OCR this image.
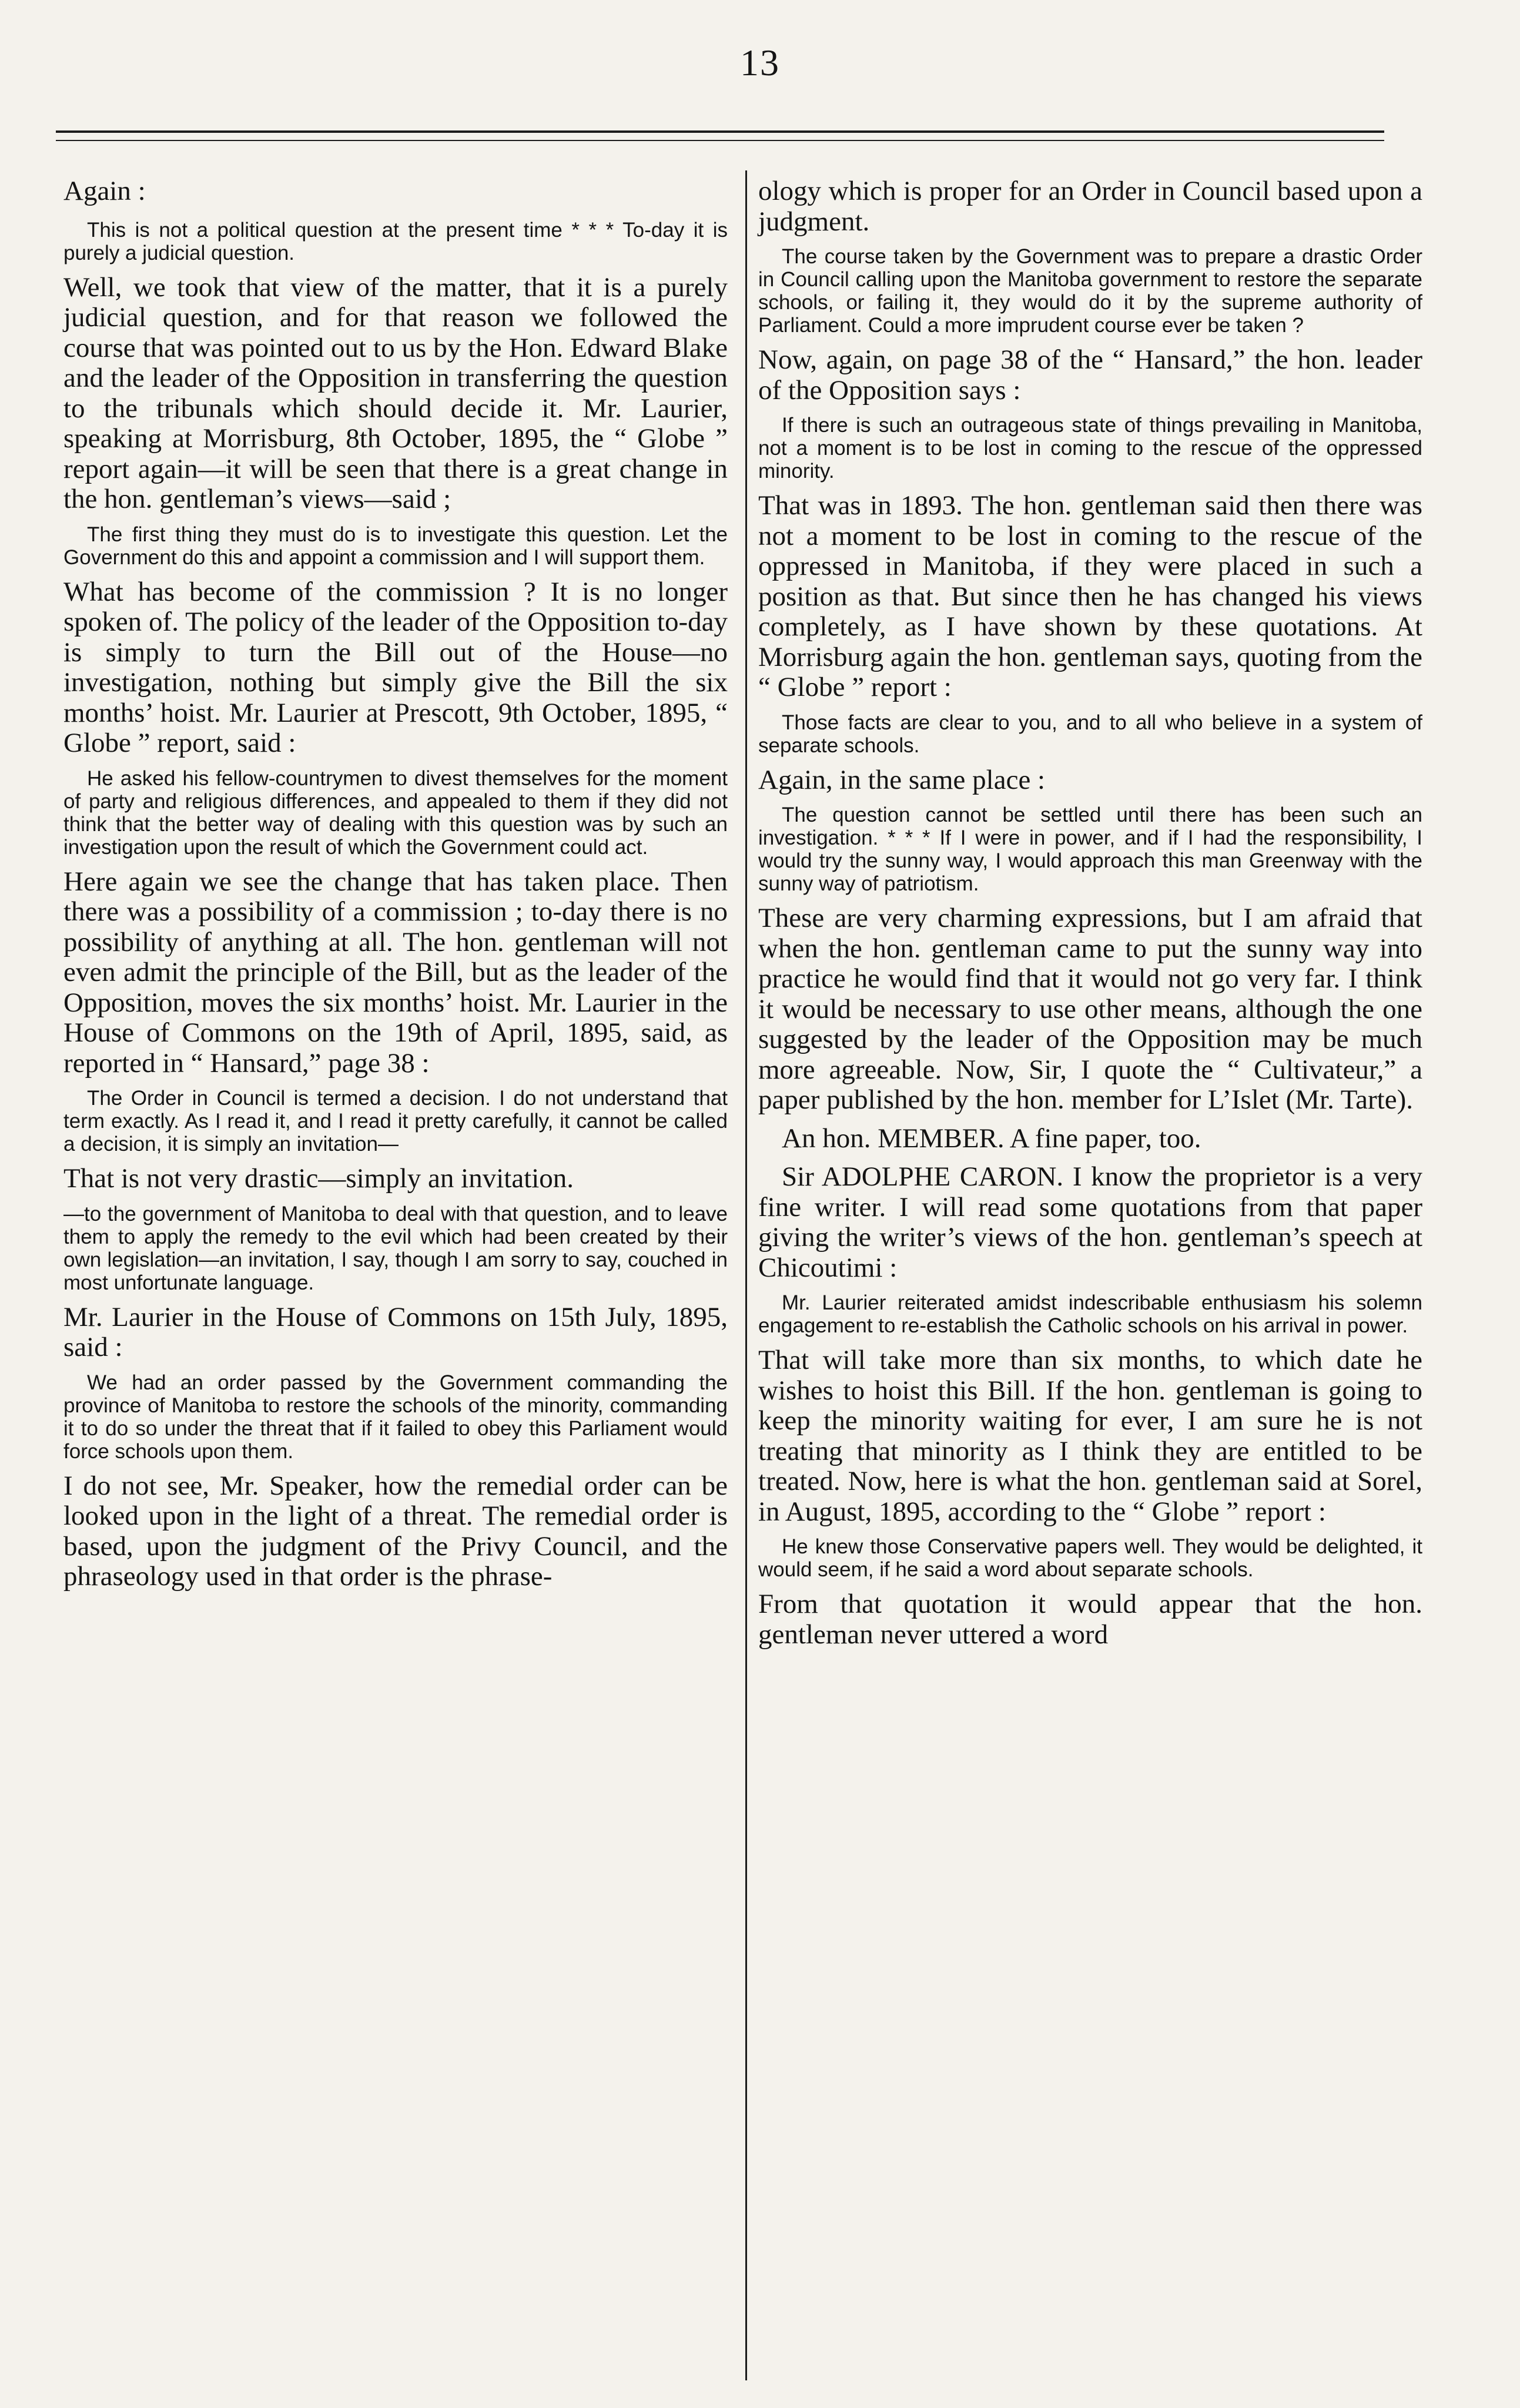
13

Again :

This is not a political question at the present time * * * To-day it is purely a judicial question.

Well, we took that view of the matter, that it is a purely judicial question, and for that reason we followed the course that was pointed out to us by the Hon. Edward Blake and the leader of the Opposition in transferring the question to the tribunals which should decide it. Mr. Laurier, speaking at Morrisburg, 8th October, 1895, the “ Globe ” report again—it will be seen that there is a great change in the hon. gentleman’s views—said ;

The first thing they must do is to investigate this question. Let the Government do this and appoint a commission and I will support them.

What has become of the commission ? It is no longer spoken of. The policy of the leader of the Opposition to-day is simply to turn the Bill out of the House—no investigation, nothing but simply give the Bill the six months’ hoist. Mr. Laurier at Prescott, 9th October, 1895, “ Globe ” report, said :

He asked his fellow-countrymen to divest themselves for the moment of party and religious differences, and appealed to them if they did not think that the better way of dealing with this question was by such an investigation upon the result of which the Government could act.

Here again we see the change that has taken place. Then there was a possibility of a commission ; to-day there is no possibility of anything at all. The hon. gentleman will not even admit the principle of the Bill, but as the leader of the Opposition, moves the six months’ hoist. Mr. Laurier in the House of Commons on the 19th of April, 1895, said, as reported in “ Hansard,” page 38 :

The Order in Council is termed a decision. I do not understand that term exactly. As I read it, and I read it pretty carefully, it cannot be called a decision, it is simply an invitation—

That is not very drastic—simply an invitation.

—to the government of Manitoba to deal with that question, and to leave them to apply the remedy to the evil which had been created by their own legislation—an invitation, I say, though I am sorry to say, couched in most unfortunate language.

Mr. Laurier in the House of Commons on 15th July, 1895, said :

We had an order passed by the Government commanding the province of Manitoba to restore the schools of the minority, commanding it to do so under the threat that if it failed to obey this Parliament would force schools upon them.

I do not see, Mr. Speaker, how the remedial order can be looked upon in the light of a threat. The remedial order is based, upon the judgment of the Privy Council, and the phraseology used in that order is the phrase-

ology which is proper for an Order in Council based upon a judgment.

The course taken by the Government was to prepare a drastic Order in Council calling upon the Manitoba government to restore the separate schools, or failing it, they would do it by the supreme authority of Parliament. Could a more imprudent course ever be taken ?

Now, again, on page 38 of the “ Hansard,” the hon. leader of the Opposition says :

If there is such an outrageous state of things prevailing in Manitoba, not a moment is to be lost in coming to the rescue of the oppressed minority.

That was in 1893. The hon. gentleman said then there was not a moment to be lost in coming to the rescue of the oppressed in Manitoba, if they were placed in such a position as that. But since then he has changed his views completely, as I have shown by these quotations. At Morrisburg again the hon. gentleman says, quoting from the “ Globe ” report :

Those facts are clear to you, and to all who believe in a system of separate schools.

Again, in the same place :

The question cannot be settled until there has been such an investigation. * * * If I were in power, and if I had the responsibility, I would try the sunny way, I would approach this man Greenway with the sunny way of patriotism.

These are very charming expressions, but I am afraid that when the hon. gentleman came to put the sunny way into practice he would find that it would not go very far. I think it would be necessary to use other means, although the one suggested by the leader of the Opposition may be much more agreeable. Now, Sir, I quote the “ Cultivateur,” a paper published by the hon. member for L’Islet (Mr. Tarte).

An hon. MEMBER. A fine paper, too.

Sir ADOLPHE CARON. I know the proprietor is a very fine writer. I will read some quotations from that paper giving the writer’s views of the hon. gentleman’s speech at Chicoutimi :

Mr. Laurier reiterated amidst indescribable enthusiasm his solemn engagement to re-establish the Catholic schools on his arrival in power.

That will take more than six months, to which date he wishes to hoist this Bill. If the hon. gentleman is going to keep the minority waiting for ever, I am sure he is not treating that minority as I think they are entitled to be treated. Now, here is what the hon. gentleman said at Sorel, in August, 1895, according to the “ Globe ” report :

He knew those Conservative papers well. They would be delighted, it would seem, if he said a word about separate schools.

From that quotation it would appear that the hon. gentleman never uttered a word
